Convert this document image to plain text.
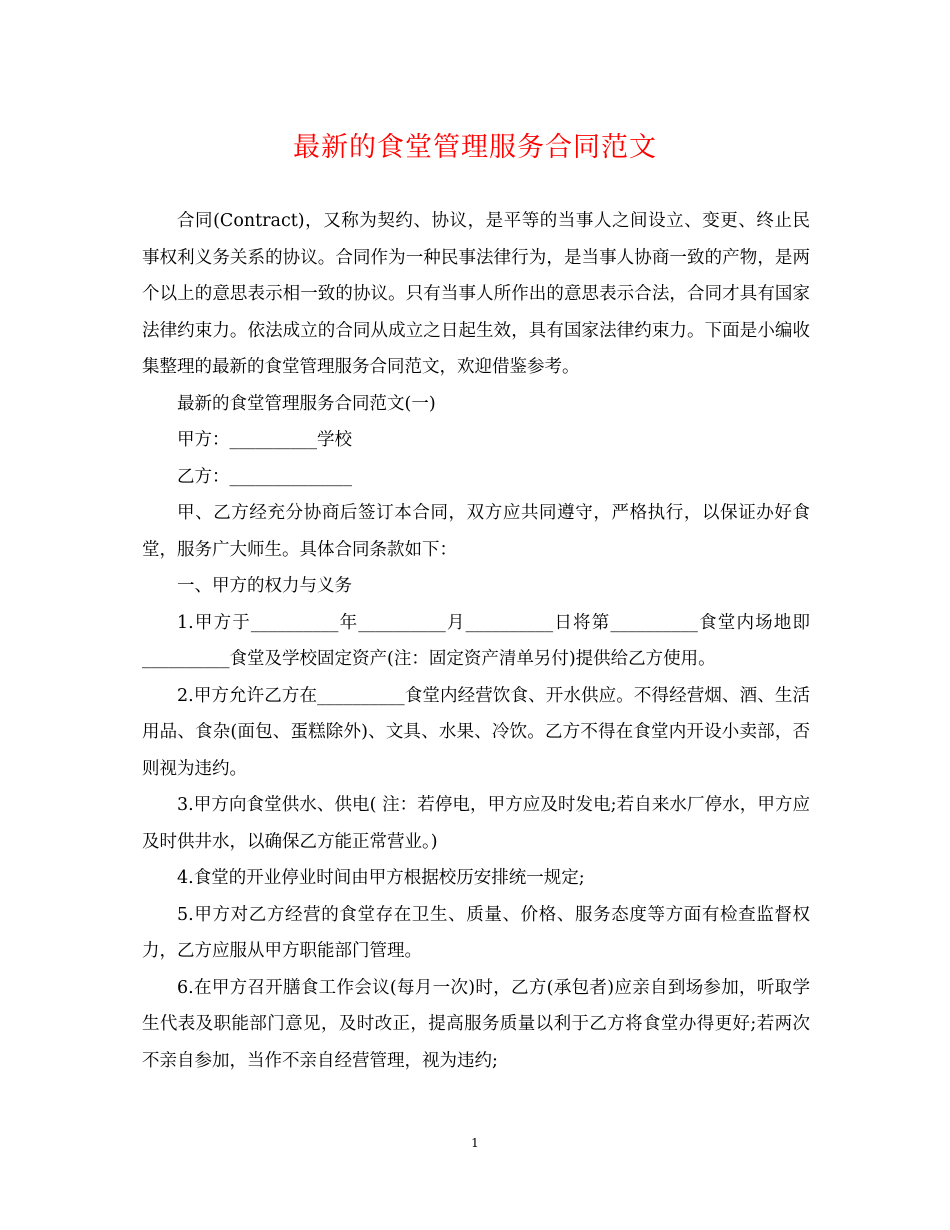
最新的食堂管理服务合同范文

合同(Contract)，又称为契约、协议，是平等的当事人之间设立、变更、终止民事权利义务关系的协议。合同作为一种民事法律行为，是当事人协商一致的产物，是两个以上的意思表示相一致的协议。只有当事人所作出的意思表示合法，合同才具有国家法律约束力。依法成立的合同从成立之日起生效，具有国家法律约束力。下面是小编收集整理的最新的食堂管理服务合同范文，欢迎借鉴参考。

最新的食堂管理服务合同范文(一)

甲方：__________学校

乙方：______________

甲、乙方经充分协商后签订本合同，双方应共同遵守，严格执行，以保证办好食堂，服务广大师生。具体合同条款如下：

一、甲方的权力与义务

1.甲方于__________年__________月__________日将第__________食堂内场地即__________食堂及学校固定资产(注：固定资产清单另付)提供给乙方使用。

2.甲方允许乙方在__________食堂内经营饮食、开水供应。不得经营烟、酒、生活用品、食杂(面包、蛋糕除外)、文具、水果、冷饮。乙方不得在食堂内开设小卖部，否则视为违约。

3.甲方向食堂供水、供电( 注：若停电，甲方应及时发电;若自来水厂停水，甲方应及时供井水，以确保乙方能正常营业。)

4.食堂的开业停业时间由甲方根据校历安排统一规定;

5.甲方对乙方经营的食堂存在卫生、质量、价格、服务态度等方面有检查监督权力，乙方应服从甲方职能部门管理。

6.在甲方召开膳食工作会议(每月一次)时，乙方(承包者)应亲自到场参加，听取学生代表及职能部门意见，及时改正，提高服务质量以利于乙方将食堂办得更好;若两次不亲自参加，当作不亲自经营管理，视为违约;

1
